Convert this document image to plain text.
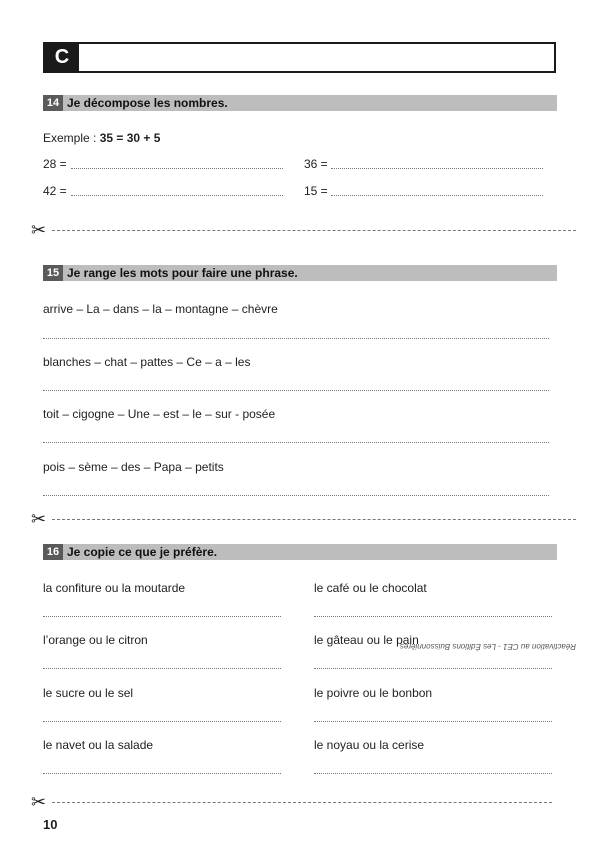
C
14 Je décompose les nombres.
Exemple : 35 = 30 + 5
28 =	36 =
42 =	15 =
✂
15 Je range les mots pour faire une phrase.
arrive – La – dans – la – montagne – chèvre
blanches – chat – pattes – Ce – a – les
toit – cigogne – Une – est – le – sur - posée
pois – sème – des – Papa – petits
✂
16 Je copie ce que je préfère.
la confiture ou la moutarde	le café ou le chocolat
l’orange ou le citron	le gâteau ou le pain
le sucre ou le sel	le poivre ou le bonbon
le navet ou la salade	le noyau ou la cerise
✂
Réactivation au CE1 - Les Éditions Buissonnières
10
